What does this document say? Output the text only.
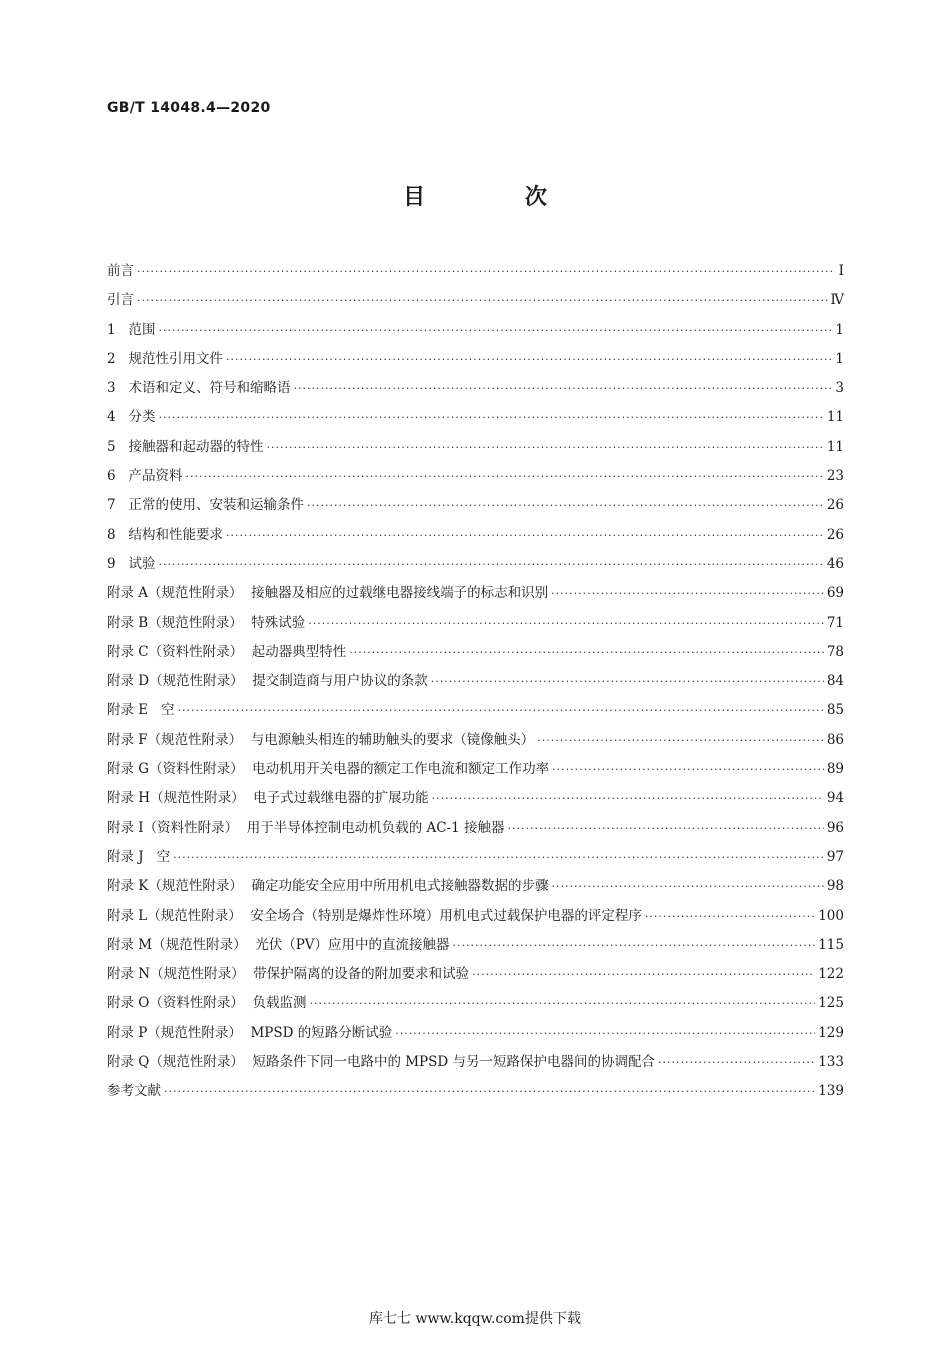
GB/T 14048.4—2020

目 次
前言 ·····	Ⅰ
引言 ·····	Ⅳ
1   范围 ·····	1
2   规范性引用文件 ·····	1
3   术语和定义、符号和缩略语 ·····	3
4   分类 ·····	11
5   接触器和起动器的特性 ·····	11
6   产品资料 ·····	23
7   正常的使用、安装和运输条件 ·····	26
8   结构和性能要求 ·····	26
9   试验 ·····	46
附录 A（规范性附录）  接触器及相应的过载继电器接线端子的标志和识别 ·····	69
附录 B（规范性附录）  特殊试验 ·····	71
附录 C（资料性附录）  起动器典型特性 ·····	78
附录 D（规范性附录）  提交制造商与用户协议的条款 ·····	84
附录 E   空 ·····	85
附录 F（规范性附录）  与电源触头相连的辅助触头的要求（镜像触头） ·····	86
附录 G（资料性附录）  电动机用开关电器的额定工作电流和额定工作功率 ·····	89
附录 H（规范性附录）  电子式过载继电器的扩展功能 ·····	94
附录 I（资料性附录）  用于半导体控制电动机负载的 AC-1 接触器 ·····	96
附录 J   空 ·····	97
附录 K（规范性附录）  确定功能安全应用中所用机电式接触器数据的步骤 ·····	98
附录 L（规范性附录）  安全场合（特别是爆炸性环境）用机电式过载保护电器的评定程序 ·····	100
附录 M（规范性附录）  光伏（PV）应用中的直流接触器 ·····	115
附录 N（规范性附录）  带保护隔离的设备的附加要求和试验 ·····	122
附录 O（资料性附录）  负载监测 ·····	125
附录 P（规范性附录）  MPSD 的短路分断试验 ·····	129
附录 Q（规范性附录）  短路条件下同一电路中的 MPSD 与另一短路保护电器间的协调配合 ·····	133
参考文献 ·····	139

库七七 www.kqqw.com提供下载
